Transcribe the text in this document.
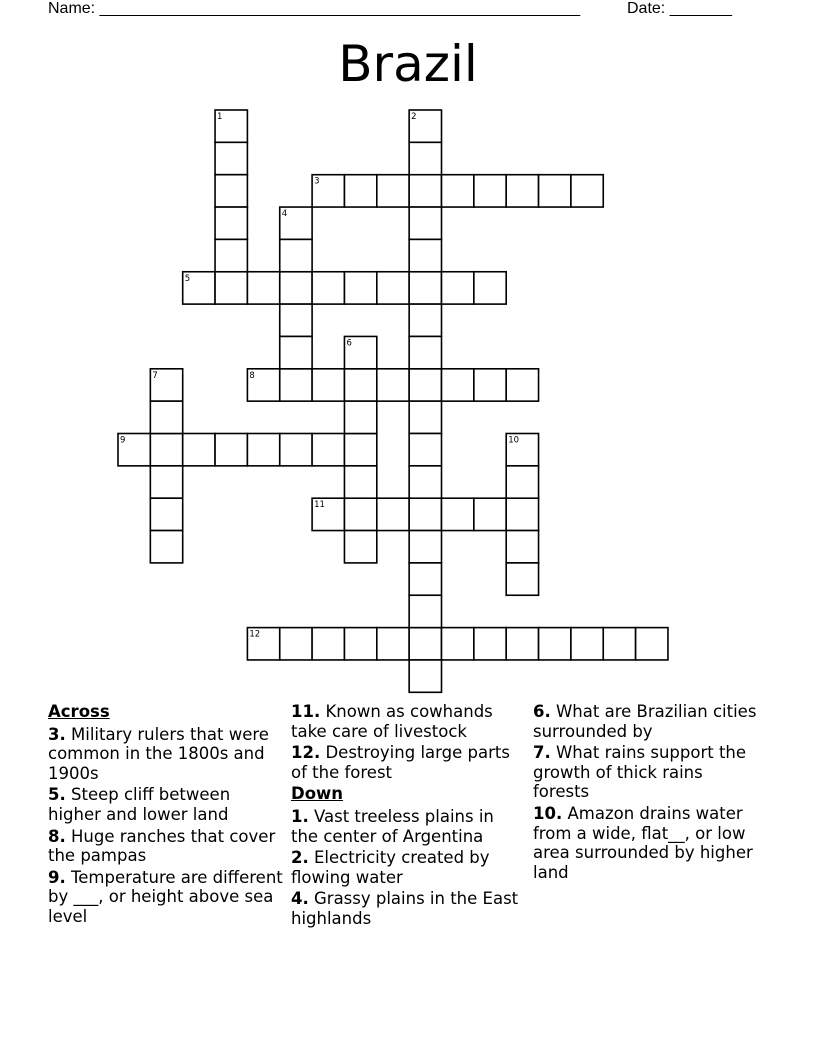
Name: ______________________________________________________	Date: _______
Brazil
3
5
8
9
11
12
1	2
4
6
7
10
Across

3. Military rulers that were common in the 1800s and 1900s

5. Steep cliff between higher and lower land

8. Huge ranches that cover the pampas

9. Temperature are different by ___, or height above sea level

11. Known as cowhands take care of livestock

12. Destroying large parts of the forest

Down

1. Vast treeless plains in the center of Argentina

2. Electricity created by flowing water

4. Grassy plains in the East highlands

6. What are Brazilian cities surrounded by

7. What rains support the growth of thick rains forests

10. Amazon drains water from a wide, flat__, or low area surrounded by higher land
